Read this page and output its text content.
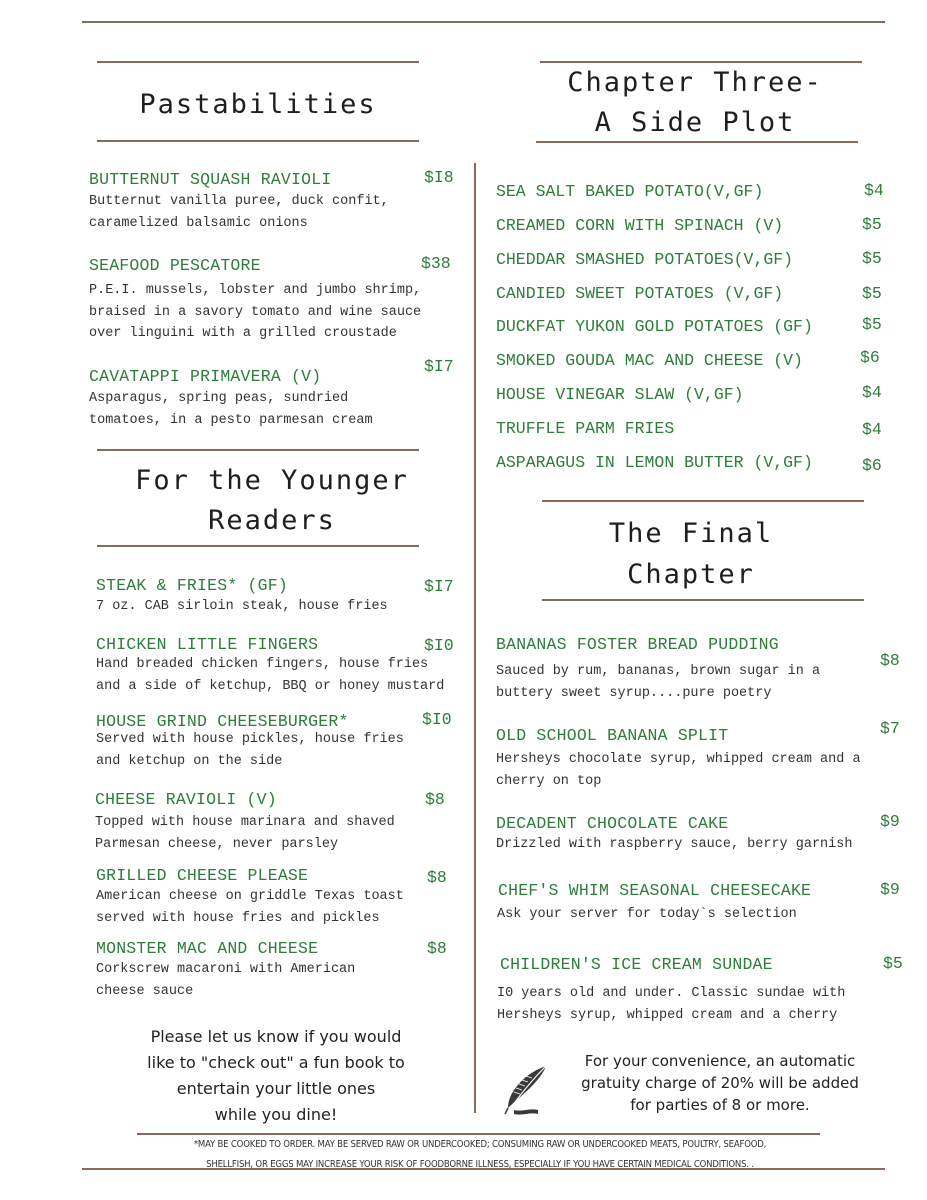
Pastabilities
BUTTERNUT SQUASH RAVIOLI	$I8
Butternut vanilla puree, duck confit,
caramelized balsamic onions
SEAFOOD PESCATORE	$38
P.E.I. mussels, lobster and jumbo shrimp,
braised in a savory tomato and wine sauce
over linguini with a grilled croustade
CAVATAPPI PRIMAVERA (V)
$I7
Asparagus, spring peas, sundried
tomatoes, in a pesto parmesan cream
For the Younger
Readers
STEAK & FRIES* (GF)	$I7
7 oz. CAB sirloin steak, house fries
CHICKEN LITTLE FINGERS	$I0
Hand breaded chicken fingers, house fries
and a side of ketchup, BBQ or honey mustard
HOUSE GRIND CHEESEBURGER*	$I0
Served with house pickles, house fries
and ketchup on the side
CHEESE RAVIOLI (V)	$8
Topped with house marinara and shaved
Parmesan cheese, never parsley
GRILLED CHEESE PLEASE	$8
American cheese on griddle Texas toast
served with house fries and pickles
MONSTER MAC AND CHEESE	$8
Corkscrew macaroni with American
cheese sauce
Please let us know if you would
like to "check out" a fun book to
entertain your little ones
while you dine!
Chapter Three-
A Side Plot
SEA SALT BAKED POTATO(V,GF)	$4
CREAMED CORN WITH SPINACH (V)	$5
CHEDDAR SMASHED POTATOES(V,GF)	$5
CANDIED SWEET POTATOES (V,GF)	$5
DUCKFAT YUKON GOLD POTATOES (GF)	$5
SMOKED GOUDA MAC AND CHEESE (V)	$6
HOUSE VINEGAR SLAW (V,GF)	$4
TRUFFLE PARM FRIES	$4
ASPARAGUS IN LEMON BUTTER (V,GF)	$6
The Final
Chapter
BANANAS FOSTER BREAD PUDDING
$8
Sauced by rum, bananas, brown sugar in a
buttery sweet syrup....pure poetry
OLD SCHOOL BANANA SPLIT	$7
Hersheys chocolate syrup, whipped cream and a
cherry on top
DECADENT CHOCOLATE CAKE	$9
Drizzled with raspberry sauce, berry garnish
CHEF'S WHIM SEASONAL CHEESECAKE	$9
Ask your server for today`s selection
CHILDREN'S ICE CREAM SUNDAE	$5
I0 years old and under. Classic sundae with
Hersheys syrup, whipped cream and a cherry
For your convenience, an automatic
gratuity charge of 20% will be added
for parties of 8 or more.
*MAY BE COOKED TO ORDER. MAY BE SERVED RAW OR UNDERCOOKED; CONSUMING RAW OR UNDERCOOKED MEATS, POULTRY, SEAFOOD,
SHELLFISH, OR EGGS MAY INCREASE YOUR RISK OF FOODBORNE ILLNESS, ESPECIALLY IF YOU HAVE CERTAIN MEDICAL CONDITIONS. .
